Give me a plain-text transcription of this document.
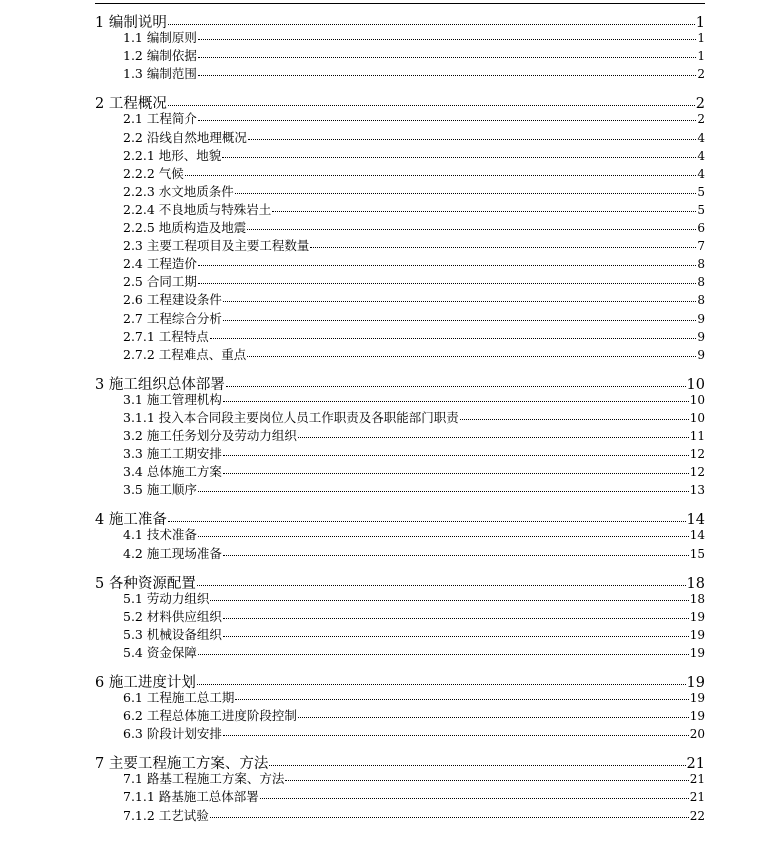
1 编制说明	1
1.1 编制原则	1
1.2 编制依据	1
1.3 编制范围	2
2 工程概况	2
2.1 工程简介	2
2.2 沿线自然地理概况	4
2.2.1 地形、地貌	4
2.2.2 气候	4
2.2.3 水文地质条件	5
2.2.4 不良地质与特殊岩土	5
2.2.5 地质构造及地震	6
2.3 主要工程项目及主要工程数量	7
2.4 工程造价	8
2.5 合同工期	8
2.6 工程建设条件	8
2.7 工程综合分析	9
2.7.1 工程特点	9
2.7.2 工程难点、重点	9
3 施工组织总体部署	10
3.1 施工管理机构	10
3.1.1 投入本合同段主要岗位人员工作职责及各职能部门职责	10
3.2 施工任务划分及劳动力组织	11
3.3 施工工期安排	12
3.4 总体施工方案	12
3.5 施工顺序	13
4 施工准备	14
4.1 技术准备	14
4.2 施工现场准备	15
5 各种资源配置	18
5.1 劳动力组织	18
5.2 材料供应组织	19
5.3 机械设备组织	19
5.4 资金保障	19
6 施工进度计划	19
6.1 工程施工总工期	19
6.2 工程总体施工进度阶段控制	19
6.3 阶段计划安排	20
7 主要工程施工方案、方法	21
7.1 路基工程施工方案、方法	21
7.1.1 路基施工总体部署	21
7.1.2 工艺试验	22
